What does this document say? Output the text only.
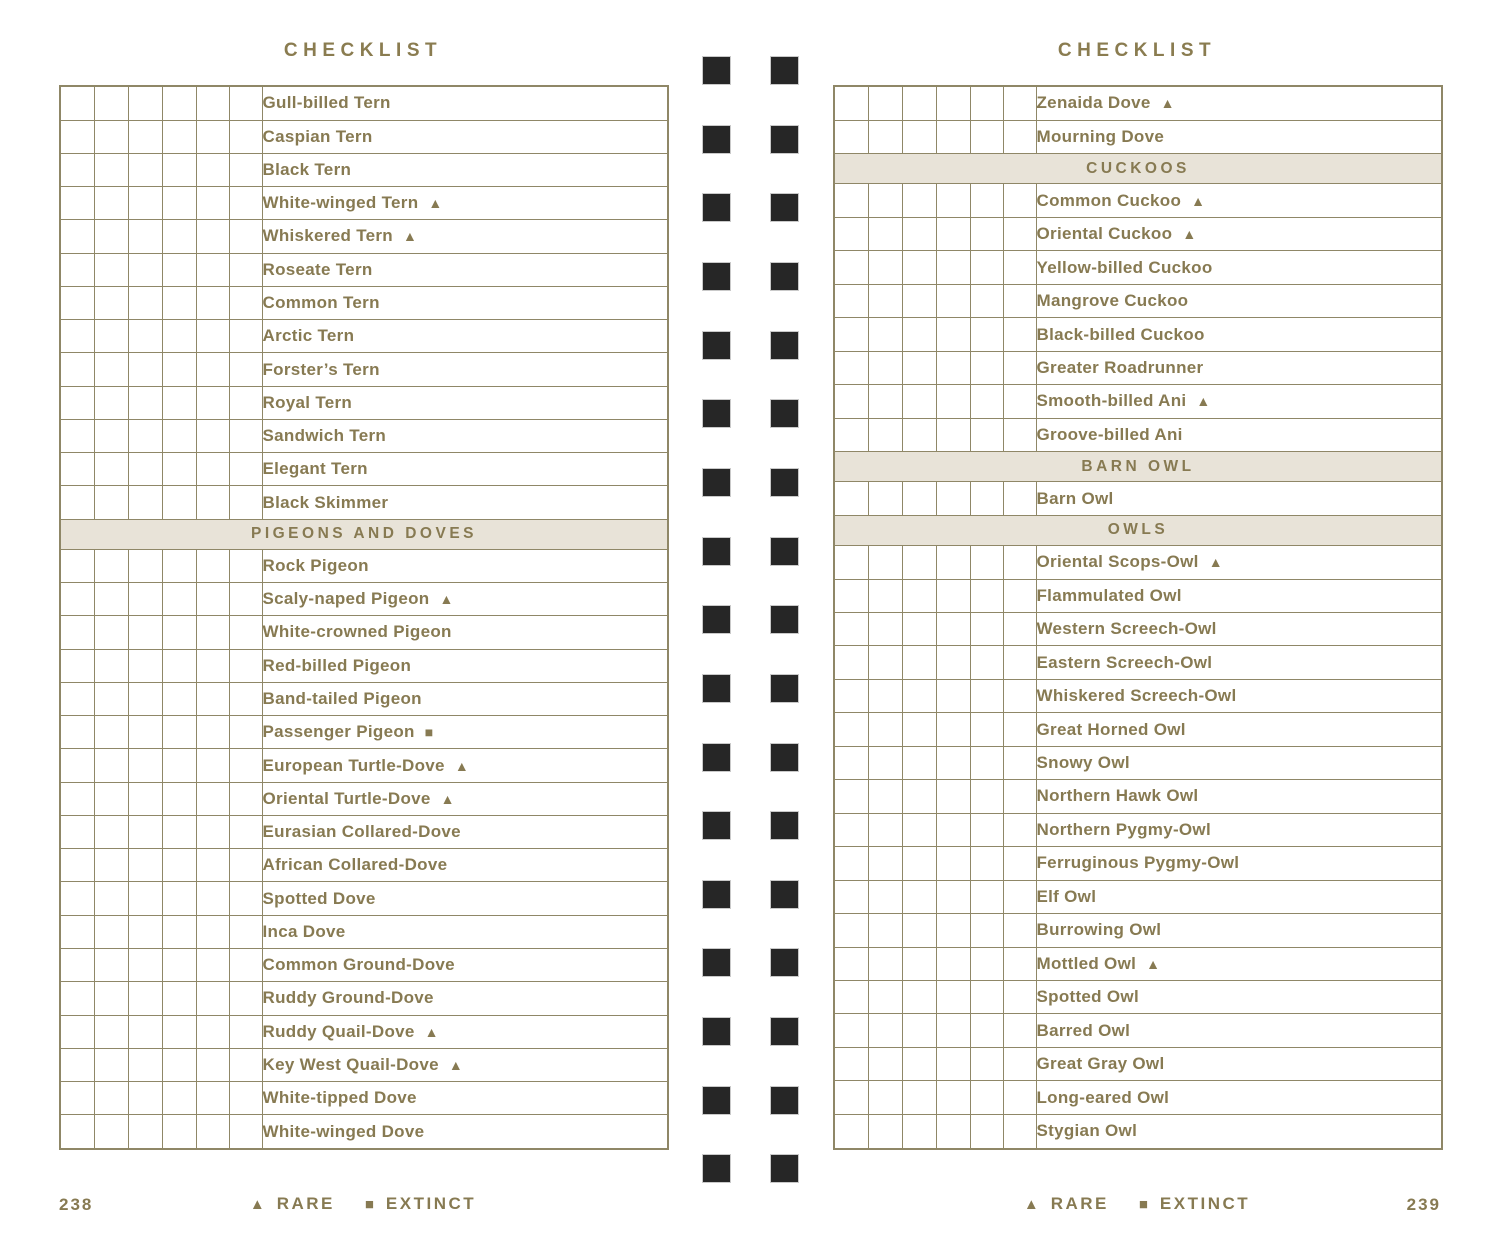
CHECKLIST	CHECKLIST
						Gull-billed Tern
						Caspian Tern
						Black Tern
						White-winged Tern ▲
						Whiskered Tern ▲
						Roseate Tern
						Common Tern
						Arctic Tern
						Forster’s Tern
						Royal Tern
						Sandwich Tern
						Elegant Tern
						Black Skimmer
PIGEONS AND DOVES						
						Rock Pigeon
						Scaly-naped Pigeon ▲
						White-crowned Pigeon
						Red-billed Pigeon
						Band-tailed Pigeon
						Passenger Pigeon ■
						European Turtle-Dove ▲
						Oriental Turtle-Dove ▲
						Eurasian Collared-Dove
						African Collared-Dove
						Spotted Dove
						Inca Dove
						Common Ground-Dove
						Ruddy Ground-Dove
						Ruddy Quail-Dove ▲
						Key West Quail-Dove ▲
						White-tipped Dove
						White-winged Dove
						Zenaida Dove ▲
						Mourning Dove
CUCKOOS						
						Common Cuckoo ▲
						Oriental Cuckoo ▲
						Yellow-billed Cuckoo
						Mangrove Cuckoo
						Black-billed Cuckoo
						Greater Roadrunner
						Smooth-billed Ani ▲
						Groove-billed Ani
BARN OWL						
						Barn Owl
OWLS						
						Oriental Scops-Owl ▲
						Flammulated Owl
						Western Screech-Owl
						Eastern Screech-Owl
						Whiskered Screech-Owl
						Great Horned Owl
						Snowy Owl
						Northern Hawk Owl
						Northern Pygmy-Owl
						Ferruginous Pygmy-Owl
						Elf Owl
						Burrowing Owl
						Mottled Owl ▲
						Spotted Owl
						Barred Owl
						Great Gray Owl
						Long-eared Owl
						Stygian Owl
238	239
▲ RARE ■ EXTINCT	▲ RARE ■ EXTINCT
